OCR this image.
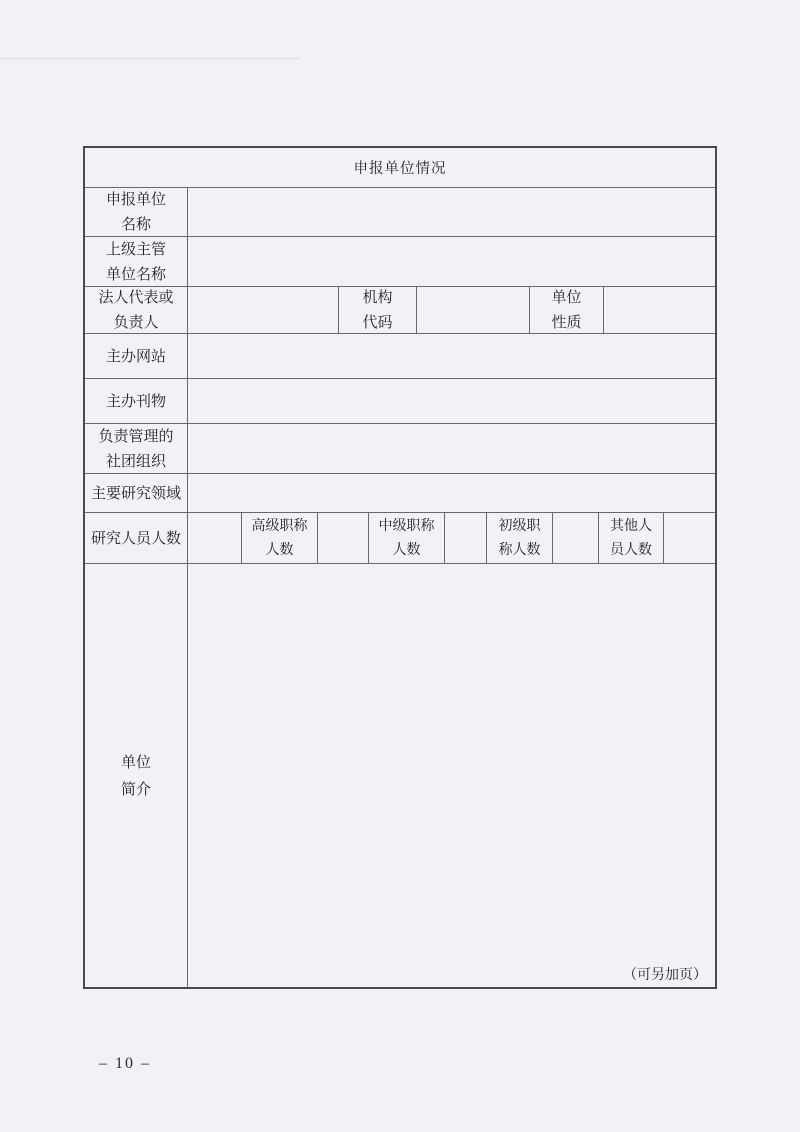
申报单位情况
申报单位
名称
上级主管
单位名称
法人代表或
负责人
机构
代码
单位
性质
主办网站
主办刊物
负责管理的
社团组织
主要研究领域
研究人员人数
高级职称
人数
中级职称
人数
初级职
称人数
其他人
员人数
单位
简介
（可另加页）
– 10 –
